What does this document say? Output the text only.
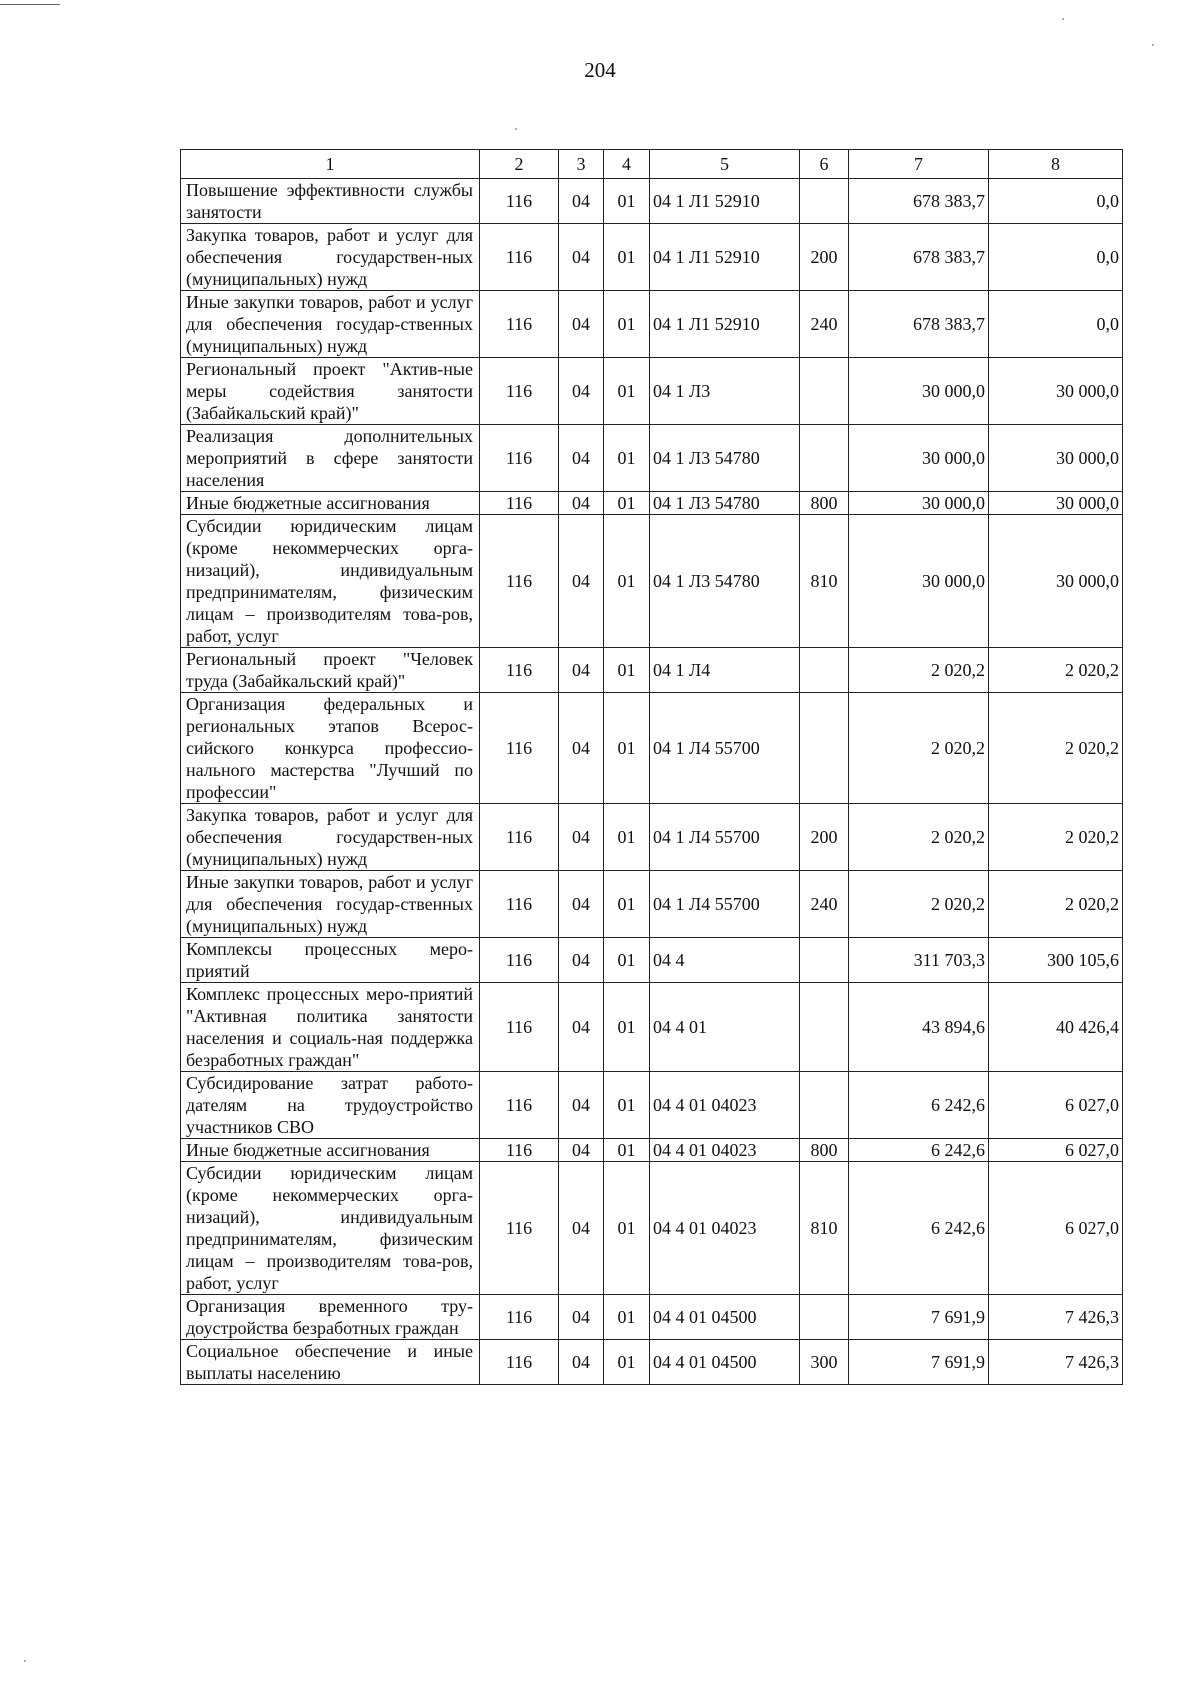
204
1	2	3	4	5	6	7	8
Повышение эффективности службы занятости	116	04	01	04 1 Л1 52910		678 383,7	0,0
Закупка товаров, работ и услуг для обеспечения государствен-ных (муниципальных) нужд	116	04	01	04 1 Л1 52910	200	678 383,7	0,0
Иные закупки товаров, работ и услуг для обеспечения государ-ственных (муниципальных) нужд	116	04	01	04 1 Л1 52910	240	678 383,7	0,0
Региональный проект "Актив-ные меры содействия занятости (Забайкальский край)"	116	04	01	04 1 Л3		30 000,0	30 000,0
Реализация дополнительных мероприятий в сфере занятости населения	116	04	01	04 1 Л3 54780		30 000,0	30 000,0
Иные бюджетные ассигнования	116	04	01	04 1 Л3 54780	800	30 000,0	30 000,0
Субсидии юридическим лицам (кроме некоммерческих орга-низаций), индивидуальным предпринимателям, физическим лицам – производителям това-ров, работ, услуг	116	04	01	04 1 Л3 54780	810	30 000,0	30 000,0
Региональный проект "Человек труда (Забайкальский край)"	116	04	01	04 1 Л4		2 020,2	2 020,2
Организация федеральных и региональных этапов Всерос-сийского конкурса профессио-нального мастерства "Лучший по профессии"	116	04	01	04 1 Л4 55700		2 020,2	2 020,2
Закупка товаров, работ и услуг для обеспечения государствен-ных (муниципальных) нужд	116	04	01	04 1 Л4 55700	200	2 020,2	2 020,2
Иные закупки товаров, работ и услуг для обеспечения государ-ственных (муниципальных) нужд	116	04	01	04 1 Л4 55700	240	2 020,2	2 020,2
Комплексы процессных меро-приятий	116	04	01	04 4		311 703,3	300 105,6
Комплекс процессных меро-приятий "Активная политика занятости населения и социаль-ная поддержка безработных граждан"	116	04	01	04 4 01		43 894,6	40 426,4
Субсидирование затрат работо-дателям на трудоустройство участников СВО	116	04	01	04 4 01 04023		6 242,6	6 027,0
Иные бюджетные ассигнования	116	04	01	04 4 01 04023	800	6 242,6	6 027,0
Субсидии юридическим лицам (кроме некоммерческих орга-низаций), индивидуальным предпринимателям, физическим лицам – производителям това-ров, работ, услуг	116	04	01	04 4 01 04023	810	6 242,6	6 027,0
Организация временного тру-доустройства безработных граждан	116	04	01	04 4 01 04500		7 691,9	7 426,3
Социальное обеспечение и иные выплаты населению	116	04	01	04 4 01 04500	300	7 691,9	7 426,3
